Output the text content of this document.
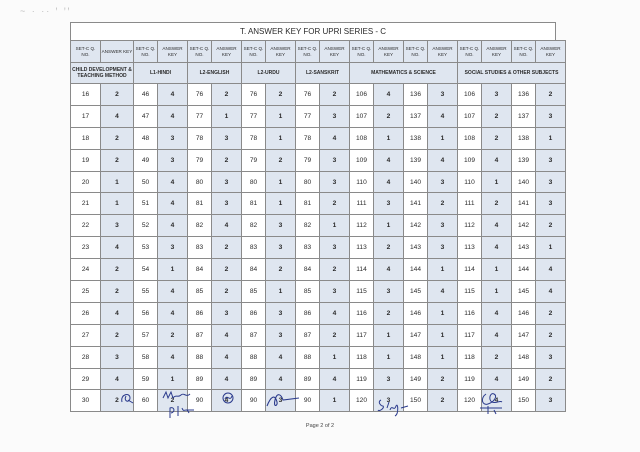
~ · ·· ꞌ ꞌꞌ
T. ANSWER KEY FOR UPRI SERIES - C
SET-C Q. NO.	ANSWER KEY	SET-C Q. NO.	ANSWER KEY	SET-C Q. NO.	ANSWER KEY	SET-C Q. NO.	ANSWER KEY	SET-C Q. NO.	ANSWER KEY	SET-C Q. NO.	ANSWER KEY	SET-C Q. NO.	ANSWER KEY	SET-C Q. NO.	ANSWER KEY	SET-C Q. NO.	ANSWER KEY
CHILD DEVELOPMENT & TEACHING METHOD		L1-HINDI		L2-ENGLISH		L2-URDU		L2-SANSKRIT		MATHEMATICS & SCIENCE				SOCIAL STUDIES & OTHER SUBJECTS			
16	2	46	4	76	2	76	2	76	2	106	4	136	3	106	3	136	2
17	4	47	4	77	1	77	1	77	3	107	2	137	4	107	2	137	3
18	2	48	3	78	3	78	1	78	4	108	1	138	1	108	2	138	1
19	2	49	3	79	2	79	2	79	3	109	4	139	4	109	4	139	3
20	1	50	4	80	3	80	1	80	3	110	4	140	3	110	1	140	3
21	1	51	4	81	3	81	1	81	2	111	3	141	2	111	2	141	3
22	3	52	4	82	4	82	3	82	1	112	1	142	3	112	4	142	2
23	4	53	3	83	2	83	3	83	3	113	2	143	3	113	4	143	1
24	2	54	1	84	2	84	2	84	2	114	4	144	1	114	1	144	4
25	2	55	4	85	2	85	1	85	3	115	3	145	4	115	1	145	4
26	4	56	4	86	3	86	3	86	4	116	2	146	1	116	4	146	2
27	2	57	2	87	4	87	3	87	2	117	1	147	1	117	4	147	2
28	3	58	4	88	4	88	4	88	1	118	1	148	1	118	2	148	3
29	4	59	1	89	4	89	4	89	4	119	3	149	2	119	4	149	2
30	2	60	2	90	4	90	3	90	1	120	3	150	2	120	4	150	3
Page 2 of 2
